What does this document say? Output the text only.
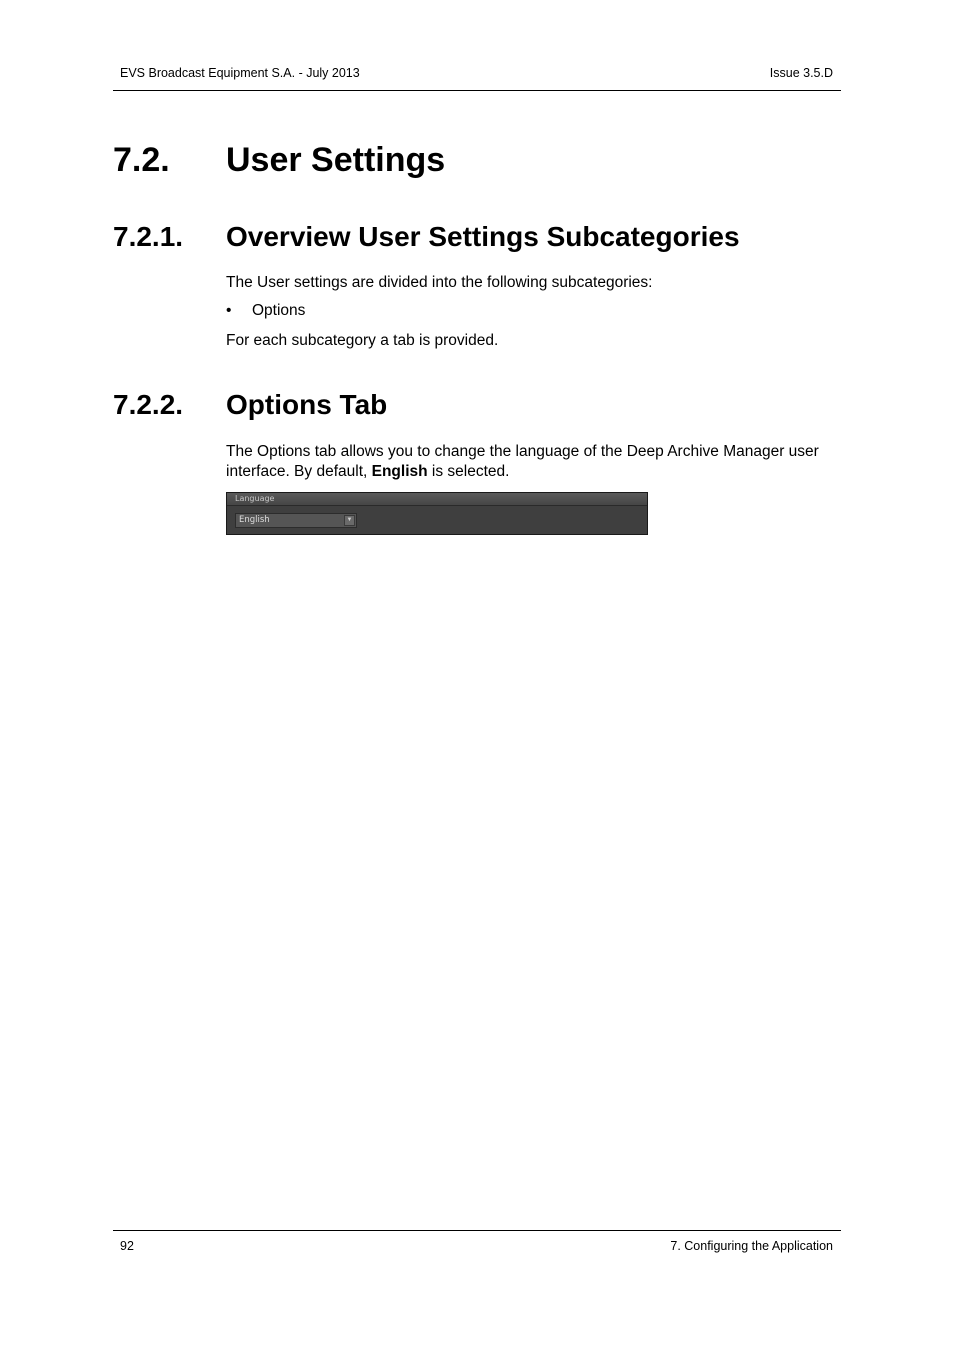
EVS Broadcast Equipment S.A. - July 2013	Issue 3.5.D
7.2. User Settings
7.2.1. Overview User Settings Subcategories
The User settings are divided into the following subcategories:
• Options
For each subcategory a tab is provided.
7.2.2. Options Tab
The Options tab allows you to change the language of the Deep Archive Manager user
interface. By default, English is selected.
Language
English	▼
92	7. Configuring the Application
